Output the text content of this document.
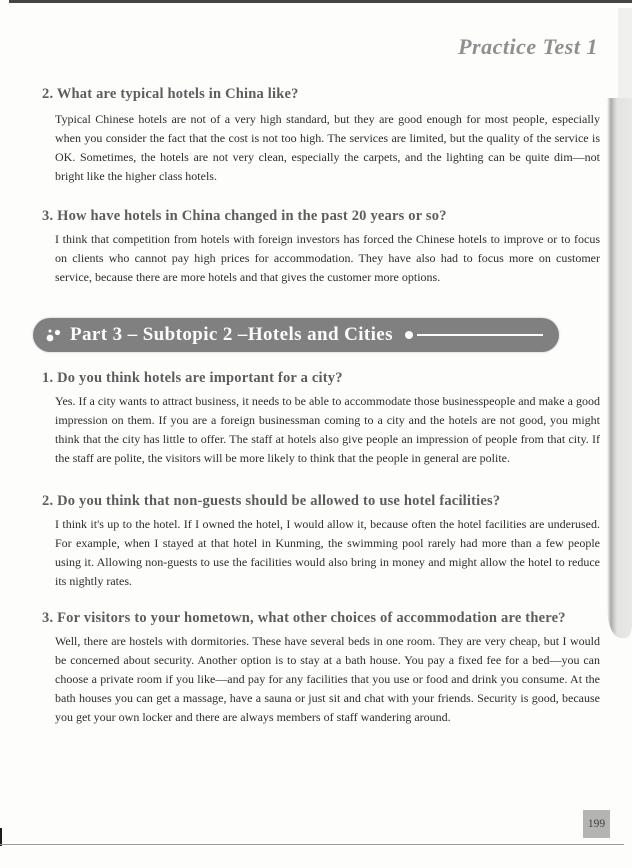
Practice Test 1
2. What are typical hotels in China like?
Typical Chinese hotels are not of a very high standard, but they are good enough for most people, especially when you consider the fact that the cost is not too high. The services are limited, but the quality of the service is OK. Sometimes, the hotels are not very clean, especially the carpets, and the lighting can be quite dim—not bright like the higher class hotels.
3. How have hotels in China changed in the past 20 years or so?
I think that competition from hotels with foreign investors has forced the Chinese hotels to improve or to focus on clients who cannot pay high prices for accommodation. They have also had to focus more on customer service, because there are more hotels and that gives the customer more options.
Part 3 – Subtopic 2 –Hotels and Cities
1. Do you think hotels are important for a city?
Yes. If a city wants to attract business, it needs to be able to accommodate those businesspeople and make a good impression on them. If you are a foreign businessman coming to a city and the hotels are not good, you might think that the city has little to offer. The staff at hotels also give people an impression of people from that city. If the staff are polite, the visitors will be more likely to think that the people in general are polite.
2. Do you think that non-guests should be allowed to use hotel facilities?
I think it's up to the hotel. If I owned the hotel, I would allow it, because often the hotel facilities are underused. For example, when I stayed at that hotel in Kunming, the swimming pool rarely had more than a few people using it. Allowing non-guests to use the facilities would also bring in money and might allow the hotel to reduce its nightly rates.
3. For visitors to your hometown, what other choices of accommodation are there?
Well, there are hostels with dormitories. These have several beds in one room. They are very cheap, but I would be concerned about security. Another option is to stay at a bath house. You pay a fixed fee for a bed—you can choose a private room if you like—and pay for any facilities that you use or food and drink you consume. At the bath houses you can get a massage, have a sauna or just sit and chat with your friends. Security is good, because you get your own locker and there are always members of staff wandering around.
199
